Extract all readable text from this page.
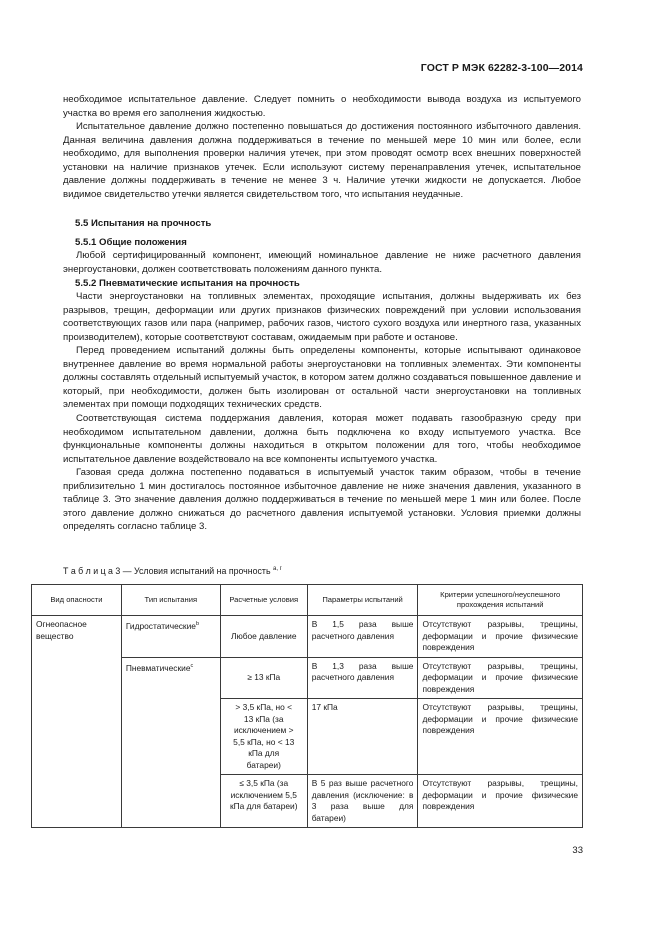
ГОСТ Р МЭК 62282-3-100—2014

необходимое испытательное давление. Следует помнить о необходимости вывода воздуха из испытуемого участка во время его заполнения жидкостью.

Испытательное давление должно постепенно повышаться до достижения постоянного избыточного давления. Данная величина давления должна поддерживаться в течение по меньшей мере 10 мин или более, если необходимо, для выполнения проверки наличия утечек, при этом проводят осмотр всех внешних поверхностей установки на наличие признаков утечек. Если используют систему перенаправления утечек, испытательное давление должны поддерживать в течение не менее 3 ч. Наличие утечки жидкости не допускается. Любое видимое свидетельство утечки является свидетельством того, что испытания неудачные.

5.5 Испытания на прочность

5.5.1 Общие положения

Любой сертифицированный компонент, имеющий номинальное давление не ниже расчетного давления энергоустановки, должен соответствовать положениям данного пункта.

5.5.2 Пневматические испытания на прочность

Части энергоустановки на топливных элементах, проходящие испытания, должны выдерживать их без разрывов, трещин, деформации или других признаков физических повреждений при условии использования соответствующих газов или пара (например, рабочих газов, чистого сухого воздуха или инертного газа, указанных производителем), которые соответствуют составам, ожидаемым при работе и останове.

Перед проведением испытаний должны быть определены компоненты, которые испытывают одинаковое внутреннее давление во время нормальной работы энергоустановки на топливных элементах. Эти компоненты должны составлять отдельный испытуемый участок, в котором затем должно создаваться повышенное давление и который, при необходимости, должен быть изолирован от остальной части энергоустановки на топливных элементах при помощи подходящих технических средств.

Соответствующая система поддержания давления, которая может подавать газообразную среду при необходимом испытательном давлении, должна быть подключена ко входу испытуемого участка. Все функциональные компоненты должны находиться в открытом положении для того, чтобы необходимое испытательное давление воздействовало на все компоненты испытуемого участка.

Газовая среда должна постепенно подаваться в испытуемый участок таким образом, чтобы в течение приблизительно 1 мин достигалось постоянное избыточное давление не ниже значения давления, указанного в таблице 3. Это значение давления должно поддерживаться в течение по меньшей мере 1 мин или более. После этого давление должно снижаться до расчетного давления испытуемой установки. Условия приемки должны определять согласно таблице 3.

Т а б л и ц а 3 — Условия испытаний на прочность $^{а, г}$
Вид опасности	Тип испытания	Расчетные условия	Параметры испытаний	Критерии успешного/неуспешного прохождения испытаний
Огнеопасное вещество	Гидростатические$^b$	Любое давление	В 1,5 раза выше расчетного давления	Отсутствуют разрывы, трещины, деформации и прочие физические повреждения
	Пневматические$^c$	≥ 13 кПа	В 1,3 раза выше расчетного давления	Отсутствуют разрывы, трещины, деформации и прочие физические повреждения
		> 3,5 кПа, но < 13 кПа (за исключением > 5,5 кПа, но < 13 кПа для батареи)	17 кПа	Отсутствуют разрывы, трещины, деформации и прочие физические повреждения
		≤ 3,5 кПа (за исключением 5,5 кПа для батареи)	В 5 раз выше расчетного давления (исключение: в 3 раза выше для батареи)	Отсутствуют разрывы, трещины, деформации и прочие физические повреждения
33
